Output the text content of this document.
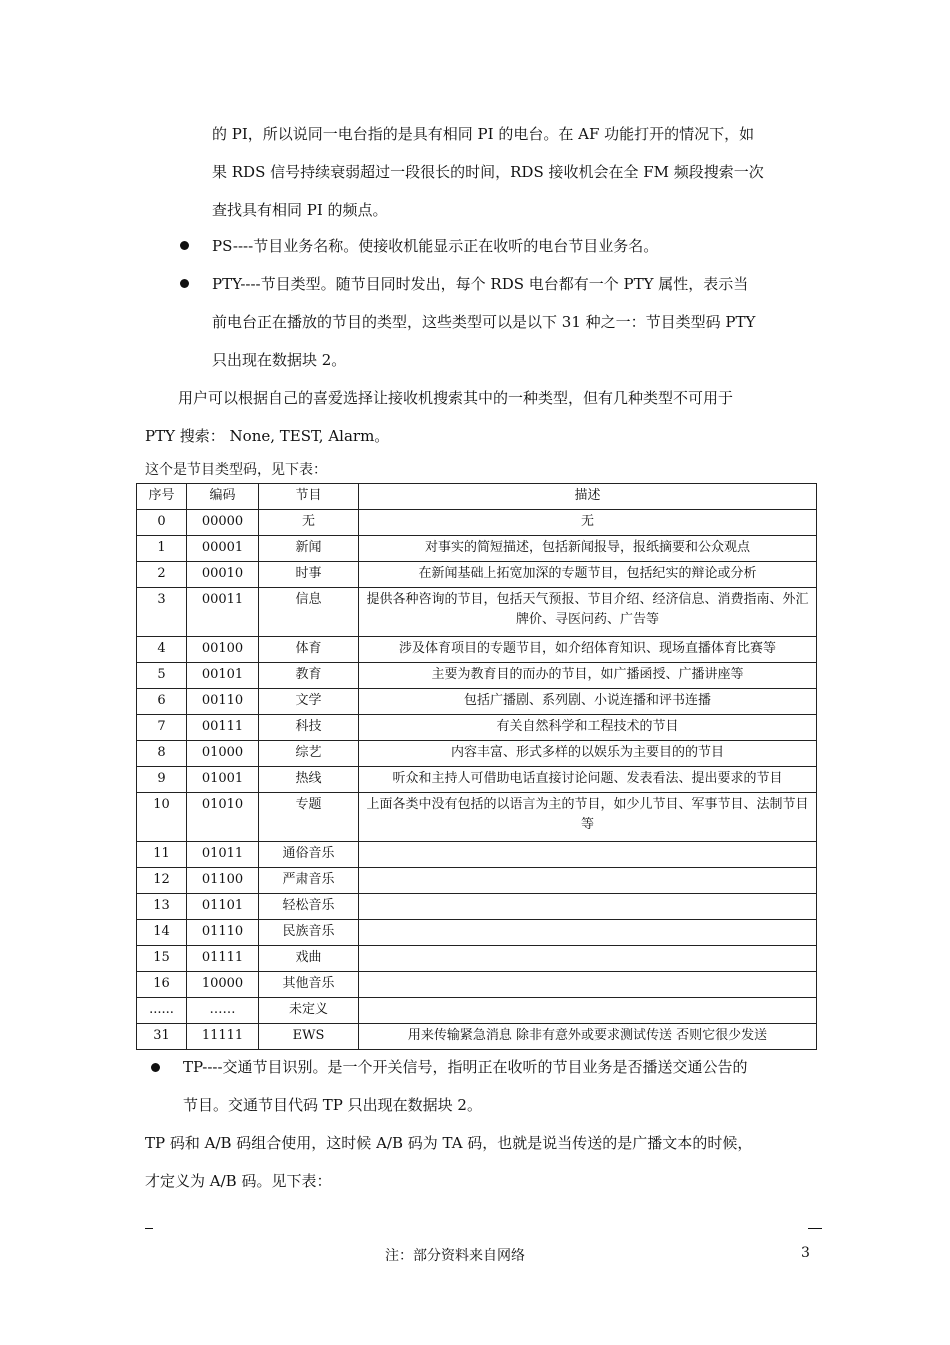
的 PI，所以说同一电台指的是具有相同 PI 的电台。在 AF 功能打开的情况下，如
果 RDS 信号持续衰弱超过一段很长的时间，RDS 接收机会在全 FM 频段搜索一次
查找具有相同 PI 的频点。
PS----节目业务名称。使接收机能显示正在收听的电台节目业务名。
PTY----节目类型。随节目同时发出，每个 RDS 电台都有一个 PTY 属性，表示当
前电台正在播放的节目的类型，这些类型可以是以下 31 种之一：节目类型码 PTY
只出现在数据块 2。
用户可以根据自己的喜爱选择让接收机搜索其中的一种类型，但有几种类型不可用于
PTY 搜索： None, TEST, Alarm。
这个是节目类型码，见下表：
序号	编码	节目	描述
0	00000	无	无
1	00001	新闻	对事实的简短描述，包括新闻报导，报纸摘要和公众观点
2	00010	时事	在新闻基础上拓宽加深的专题节目，包括纪实的辩论或分析
3	00011	信息	提供各种咨询的节目，包括天气预报、节目介绍、经济信息、消费指南、外汇牌价、寻医问药、广告等
4	00100	体育	涉及体育项目的专题节目，如介绍体育知识、现场直播体育比赛等
5	00101	教育	主要为教育目的而办的节目，如广播函授、广播讲座等
6	00110	文学	包括广播剧、系列剧、小说连播和评书连播
7	00111	科技	有关自然科学和工程技术的节目
8	01000	综艺	内容丰富、形式多样的以娱乐为主要目的的节目
9	01001	热线	听众和主持人可借助电话直接讨论问题、发表看法、提出要求的节目
10	01010	专题	上面各类中没有包括的以语言为主的节目，如少儿节目、军事节目、法制节目等
11	01011	通俗音乐	
12	01100	严肃音乐	
13	01101	轻松音乐	
14	01110	民族音乐	
15	01111	戏曲	
16	10000	其他音乐	
......	……	未定义	
31	11111	EWS	用来传输紧急消息 除非有意外或要求测试传送 否则它很少发送
TP----交通节目识别。是一个开关信号，指明正在收听的节目业务是否播送交通公告的
节目。交通节目代码 TP 只出现在数据块 2。
TP 码和 A/B 码组合使用，这时候 A/B 码为 TA 码，也就是说当传送的是广播文本的时候，
才定义为 A/B 码。见下表：
注：部分资料来自网络	3
